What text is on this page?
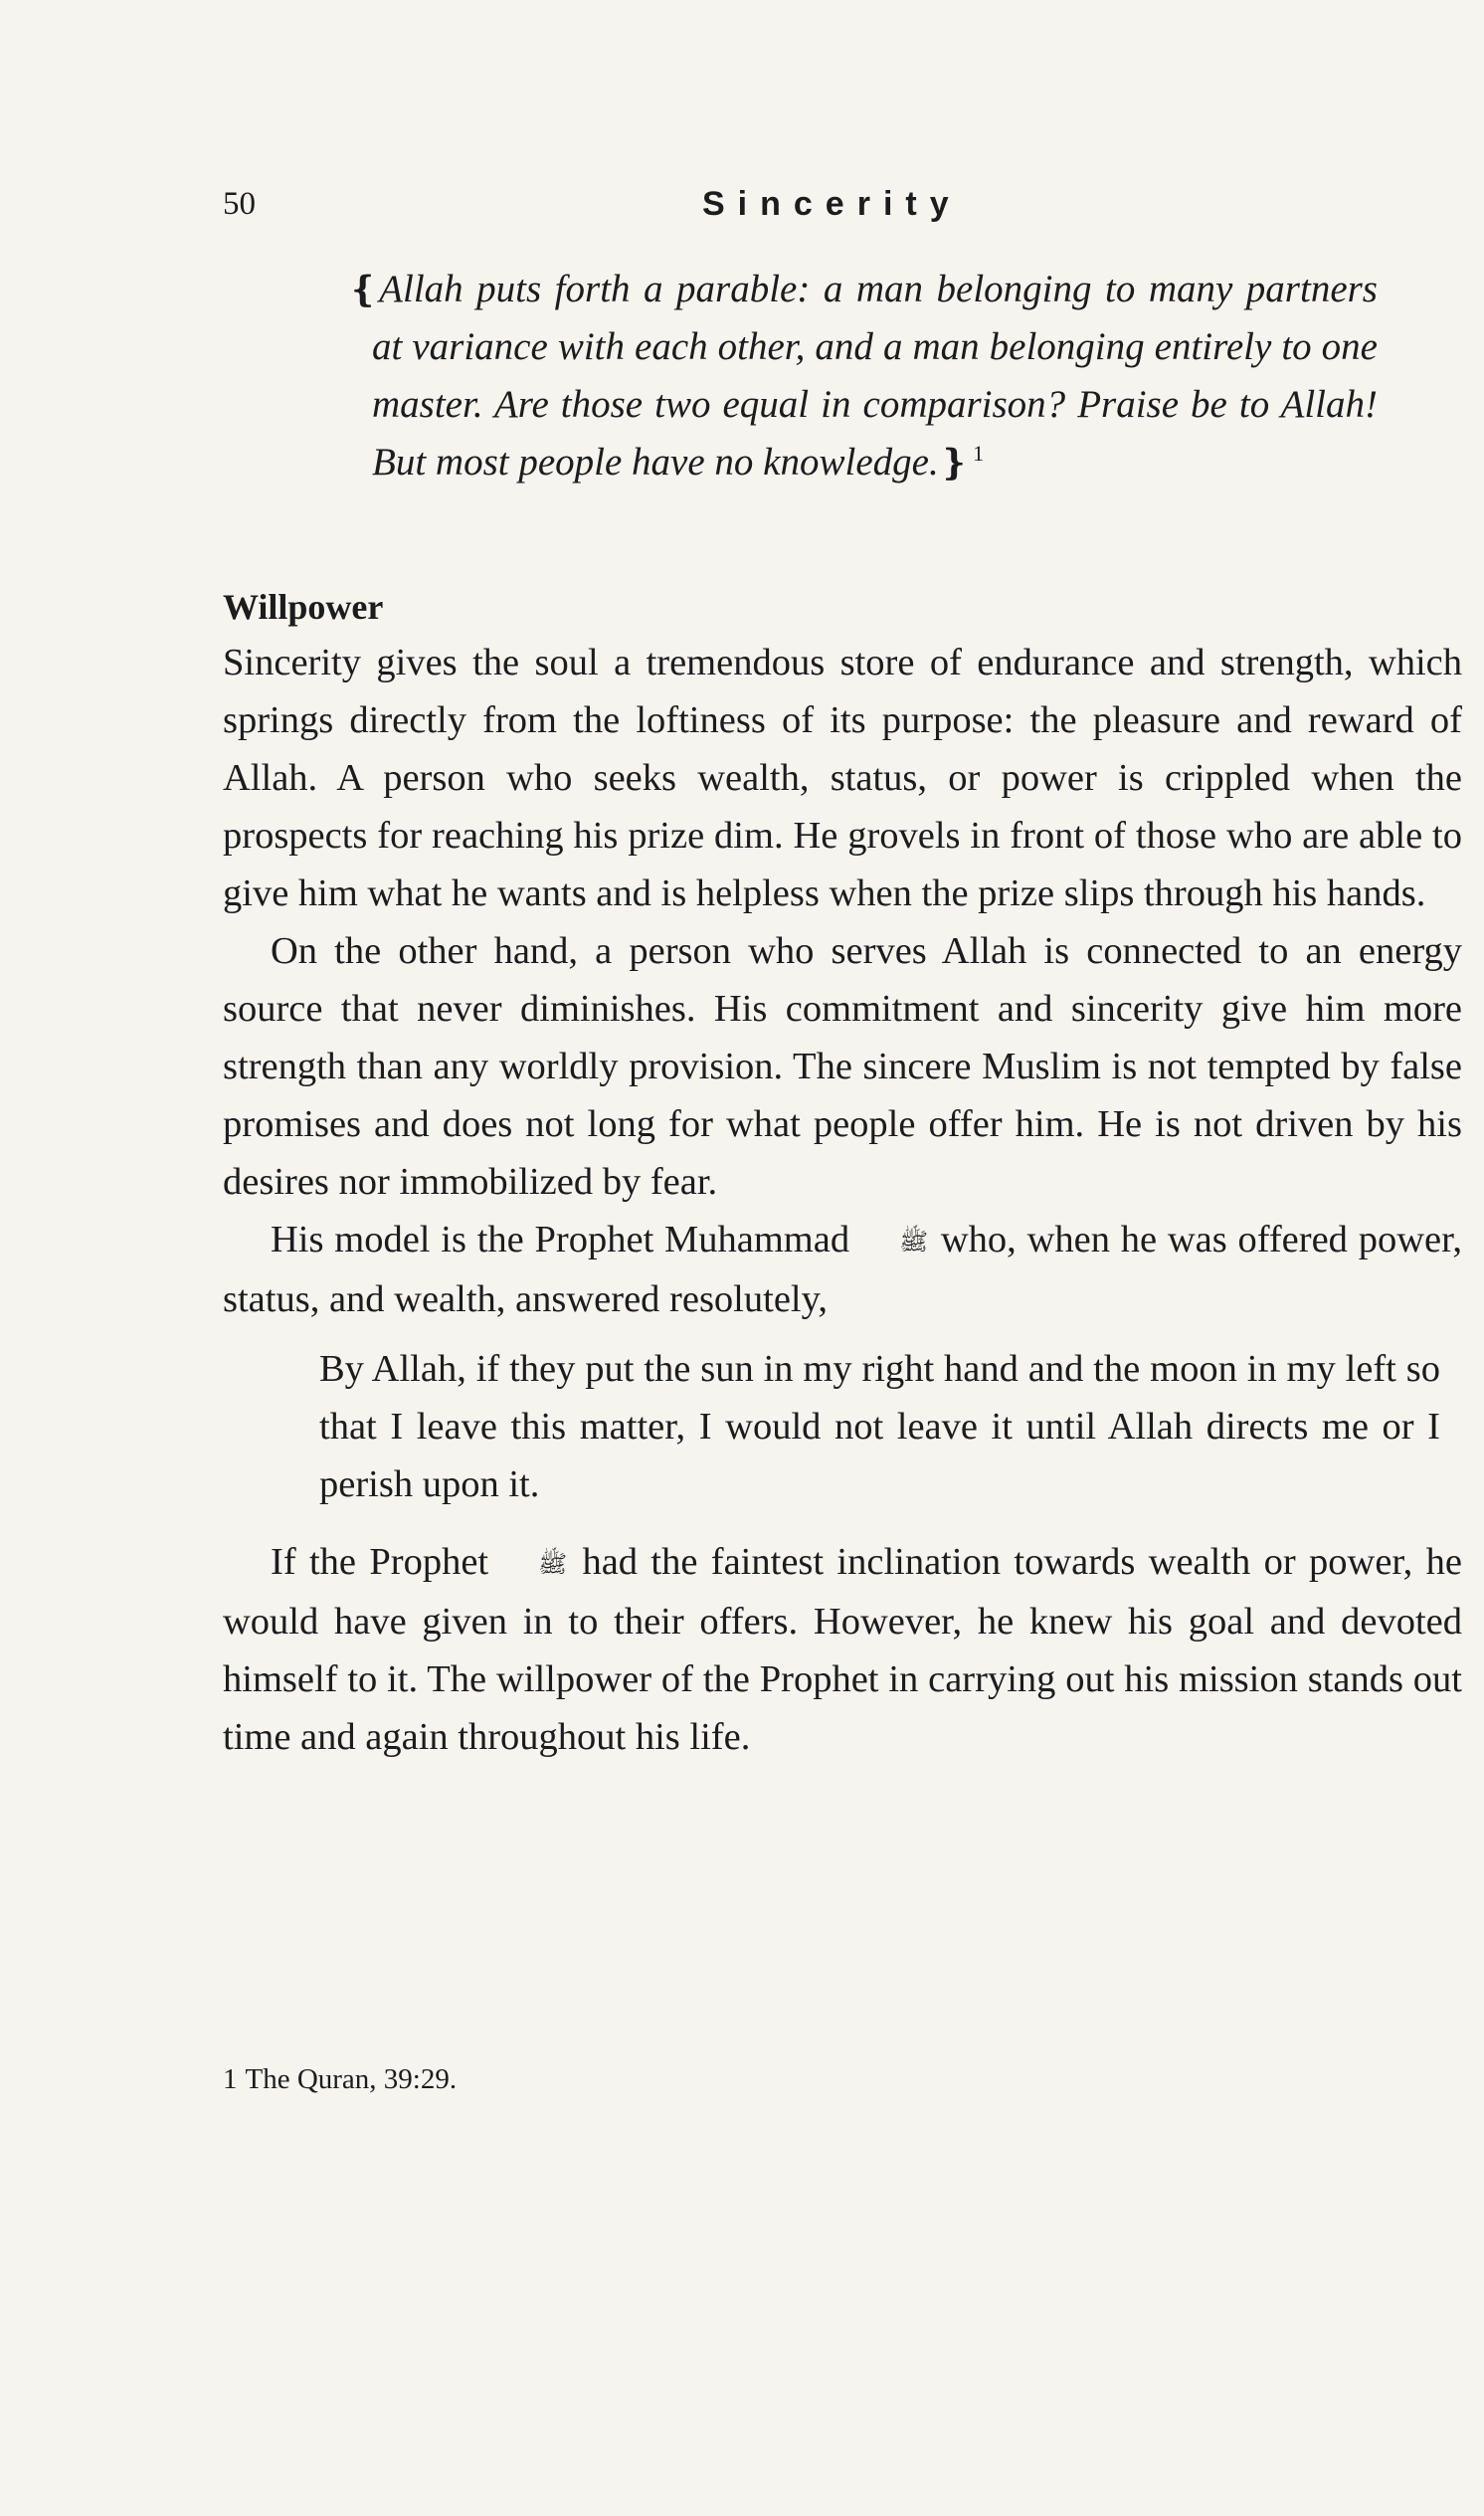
50	Sincerity
❴Allah puts forth a parable: a man belonging to many partners at variance with each other, and a man belonging entirely to one master. Are those two equal in comparison? Praise be to Allah! But most people have no knowledge.❵  $^1$
Willpower

Sincerity gives the soul a tremendous store of endurance and strength, which springs directly from the loftiness of its purpose: the pleasure and reward of Allah. A person who seeks wealth, status, or power is crippled when the prospects for reaching his prize dim. He grovels in front of those who are able to give him what he wants and is helpless when the prize slips through his hands.

On the other hand, a person who serves Allah is connected to an energy source that never diminishes. His commitment and sincerity give him more strength than any worldly provision. The sincere Muslim is not tempted by false promises and does not long for what people offer him. He is not driven by his desires nor immobilized by fear.

His model is the Prophet Muhammad ﷺ who, when he was offered power, status, and wealth, answered resolutely,

By Allah, if they put the sun in my right hand and the moon in my left so that I leave this matter, I would not leave it until Allah directs me or I perish upon it.

If the Prophet ﷺ had the faintest inclination towards wealth or power, he would have given in to their offers. However, he knew his goal and devoted himself to it. The willpower of the Prophet in carrying out his mission stands out time and again throughout his life.

1 The Quran, 39:29.
